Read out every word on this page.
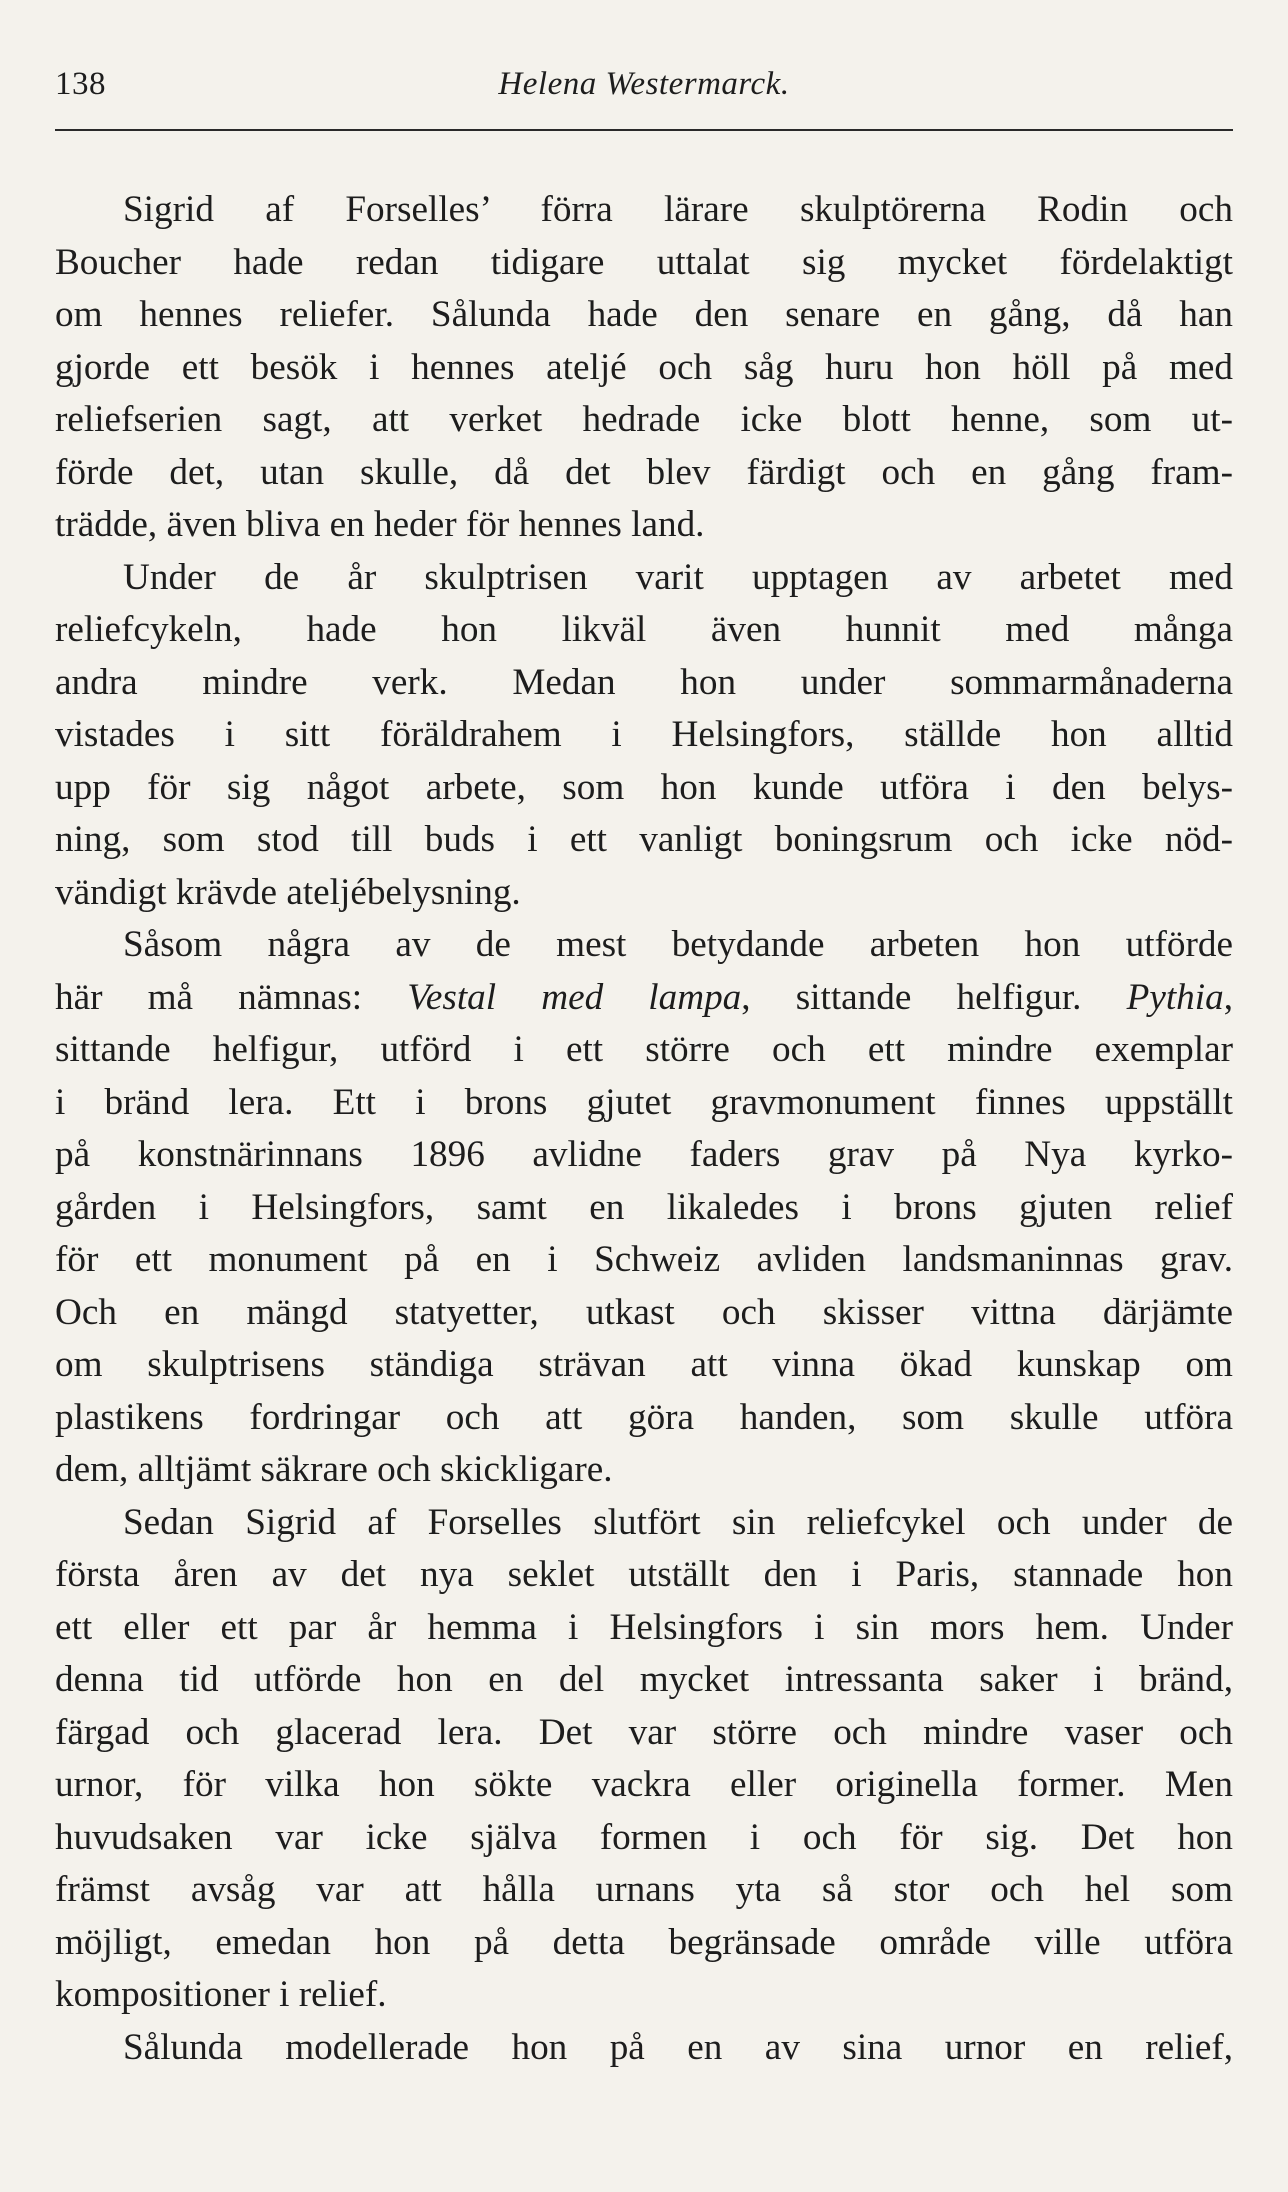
138	Helena Westermarck.

Sigrid af Forselles’ förra lärare skulptörerna Rodin och
Boucher hade redan tidigare uttalat sig mycket fördelaktigt
om hennes reliefer. Sålunda hade den senare en gång, då han
gjorde ett besök i hennes ateljé och såg huru hon höll på med
reliefserien sagt, att verket hedrade icke blott henne, som ut-
förde det, utan skulle, då det blev färdigt och en gång fram-
trädde, även bliva en heder för hennes land.

Under de år skulptrisen varit upptagen av arbetet med
reliefcykeln, hade hon likväl även hunnit med många
andra mindre verk. Medan hon under sommarmånaderna
vistades i sitt föräldrahem i Helsingfors, ställde hon alltid
upp för sig något arbete, som hon kunde utföra i den belys-
ning, som stod till buds i ett vanligt boningsrum och icke nöd-
vändigt krävde ateljébelysning.

Såsom några av de mest betydande arbeten hon utförde
här må nämnas: Vestal med lampa, sittande helfigur. Pythia,
sittande helfigur, utförd i ett större och ett mindre exemplar
i bränd lera. Ett i brons gjutet gravmonument finnes uppställt
på konstnärinnans 1896 avlidne faders grav på Nya kyrko-
gården i Helsingfors, samt en likaledes i brons gjuten relief
för ett monument på en i Schweiz avliden landsmaninnas grav.
Och en mängd statyetter, utkast och skisser vittna därjämte
om skulptrisens ständiga strävan att vinna ökad kunskap om
plastikens fordringar och att göra handen, som skulle utföra
dem, alltjämt säkrare och skickligare.

Sedan Sigrid af Forselles slutfört sin reliefcykel och under de
första åren av det nya seklet utställt den i Paris, stannade hon
ett eller ett par år hemma i Helsingfors i sin mors hem. Under
denna tid utförde hon en del mycket intressanta saker i bränd,
färgad och glacerad lera. Det var större och mindre vaser och
urnor, för vilka hon sökte vackra eller originella former. Men
huvudsaken var icke själva formen i och för sig. Det hon
främst avsåg var att hålla urnans yta så stor och hel som
möjligt, emedan hon på detta begränsade område ville utföra
kompositioner i relief.

Sålunda modellerade hon på en av sina urnor en relief,
